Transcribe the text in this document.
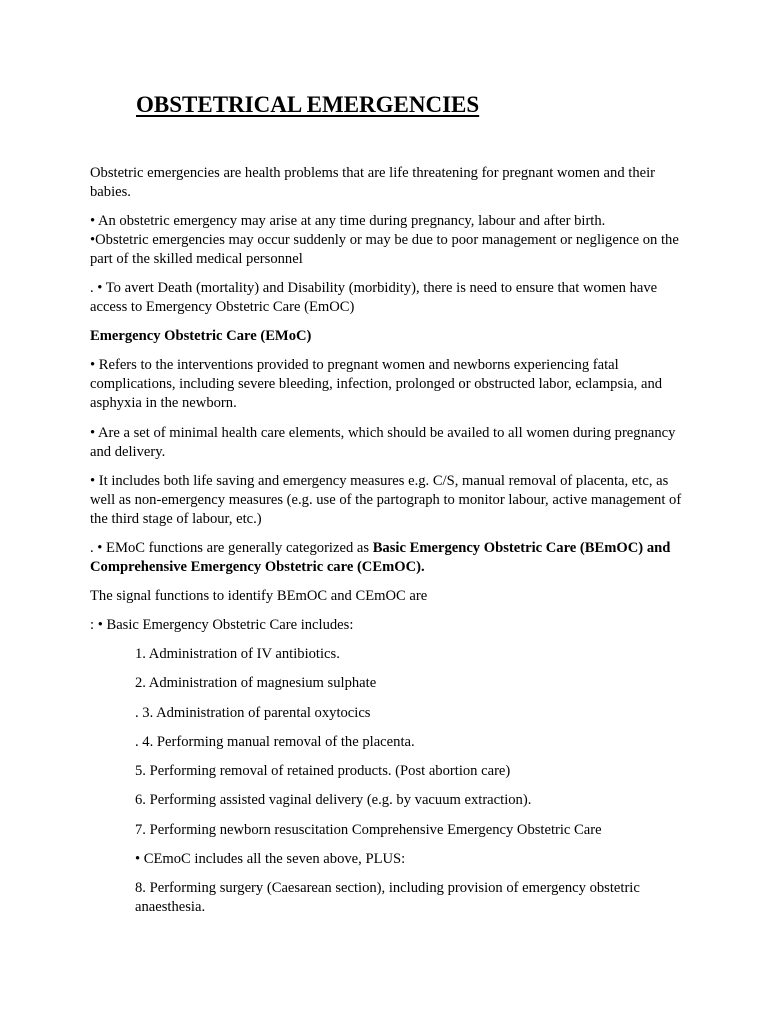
OBSTETRICAL EMERGENCIES

Obstetric emergencies are health problems that are life threatening for pregnant women and their babies.

• An obstetric emergency may arise at any time during pregnancy, labour and after birth.

•Obstetric emergencies may occur suddenly or may be due to poor management or negligence on the part of the skilled medical personnel

. • To avert Death (mortality) and Disability (morbidity), there is need to ensure that women have access to Emergency Obstetric Care (EmOC)

Emergency Obstetric Care (EMoC)

• Refers to the interventions provided to pregnant women and newborns experiencing fatal complications, including severe bleeding, infection, prolonged or obstructed labor, eclampsia, and asphyxia in the newborn.

• Are a set of minimal health care elements, which should be availed to all women during pregnancy and delivery.

• It includes both life saving and emergency measures e.g. C/S, manual removal of placenta, etc, as well as non-emergency measures (e.g. use of the partograph to monitor labour, active management of the third stage of labour, etc.)

. • EMoC functions are generally categorized as Basic Emergency Obstetric Care (BEmOC) and Comprehensive Emergency Obstetric care (CEmOC).

The signal functions to identify BEmOC and CEmOC are

: • Basic Emergency Obstetric Care includes:

1. Administration of IV antibiotics.

2. Administration of magnesium sulphate

. 3. Administration of parental oxytocics

. 4. Performing manual removal of the placenta.

5. Performing removal of retained products. (Post abortion care)

6. Performing assisted vaginal delivery (e.g. by vacuum extraction).

7. Performing newborn resuscitation Comprehensive Emergency Obstetric Care

• CEmoC includes all the seven above, PLUS:

8. Performing surgery (Caesarean section), including provision of emergency obstetric anaesthesia.
